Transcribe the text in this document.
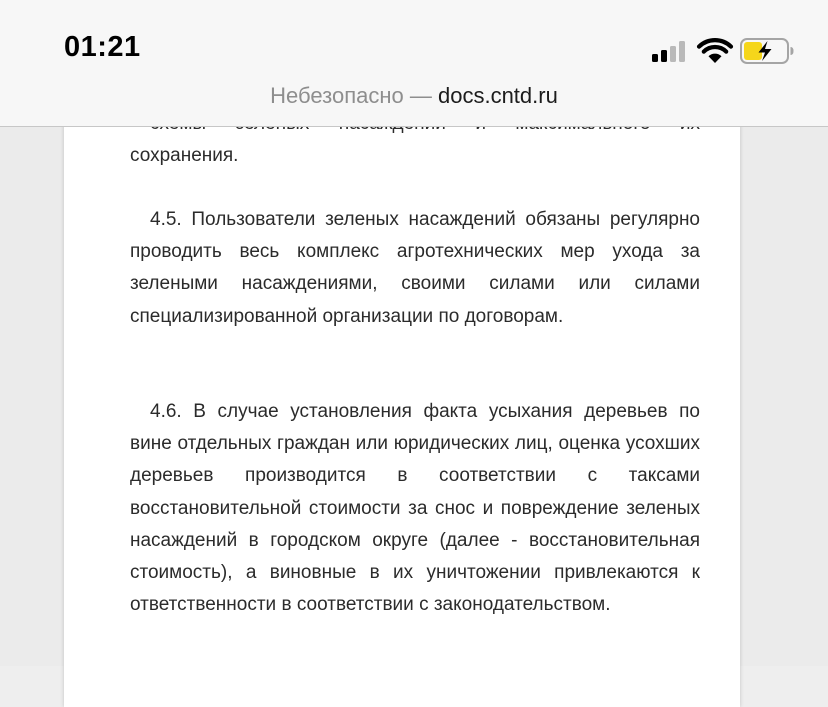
01:21
Небезопасно — docs.cntd.ru

сохранения.

4.5. Пользователи зеленых насаждений обязаны регулярно проводить весь комплекс агротехнических мер ухода за зелеными насаждениями, своими силами или силами специализированной организации по договорам.

4.6. В случае установления факта усыхания деревьев по вине отдельных граждан или юридических лиц, оценка усохших деревьев производится в соответствии с таксами восстановительной стоимости за снос и повреждение зеленых насаждений в городском округе (далее - восстановительная стоимость), а виновные в их уничтожении привлекаются к ответственности в соответствии с законодательством.
